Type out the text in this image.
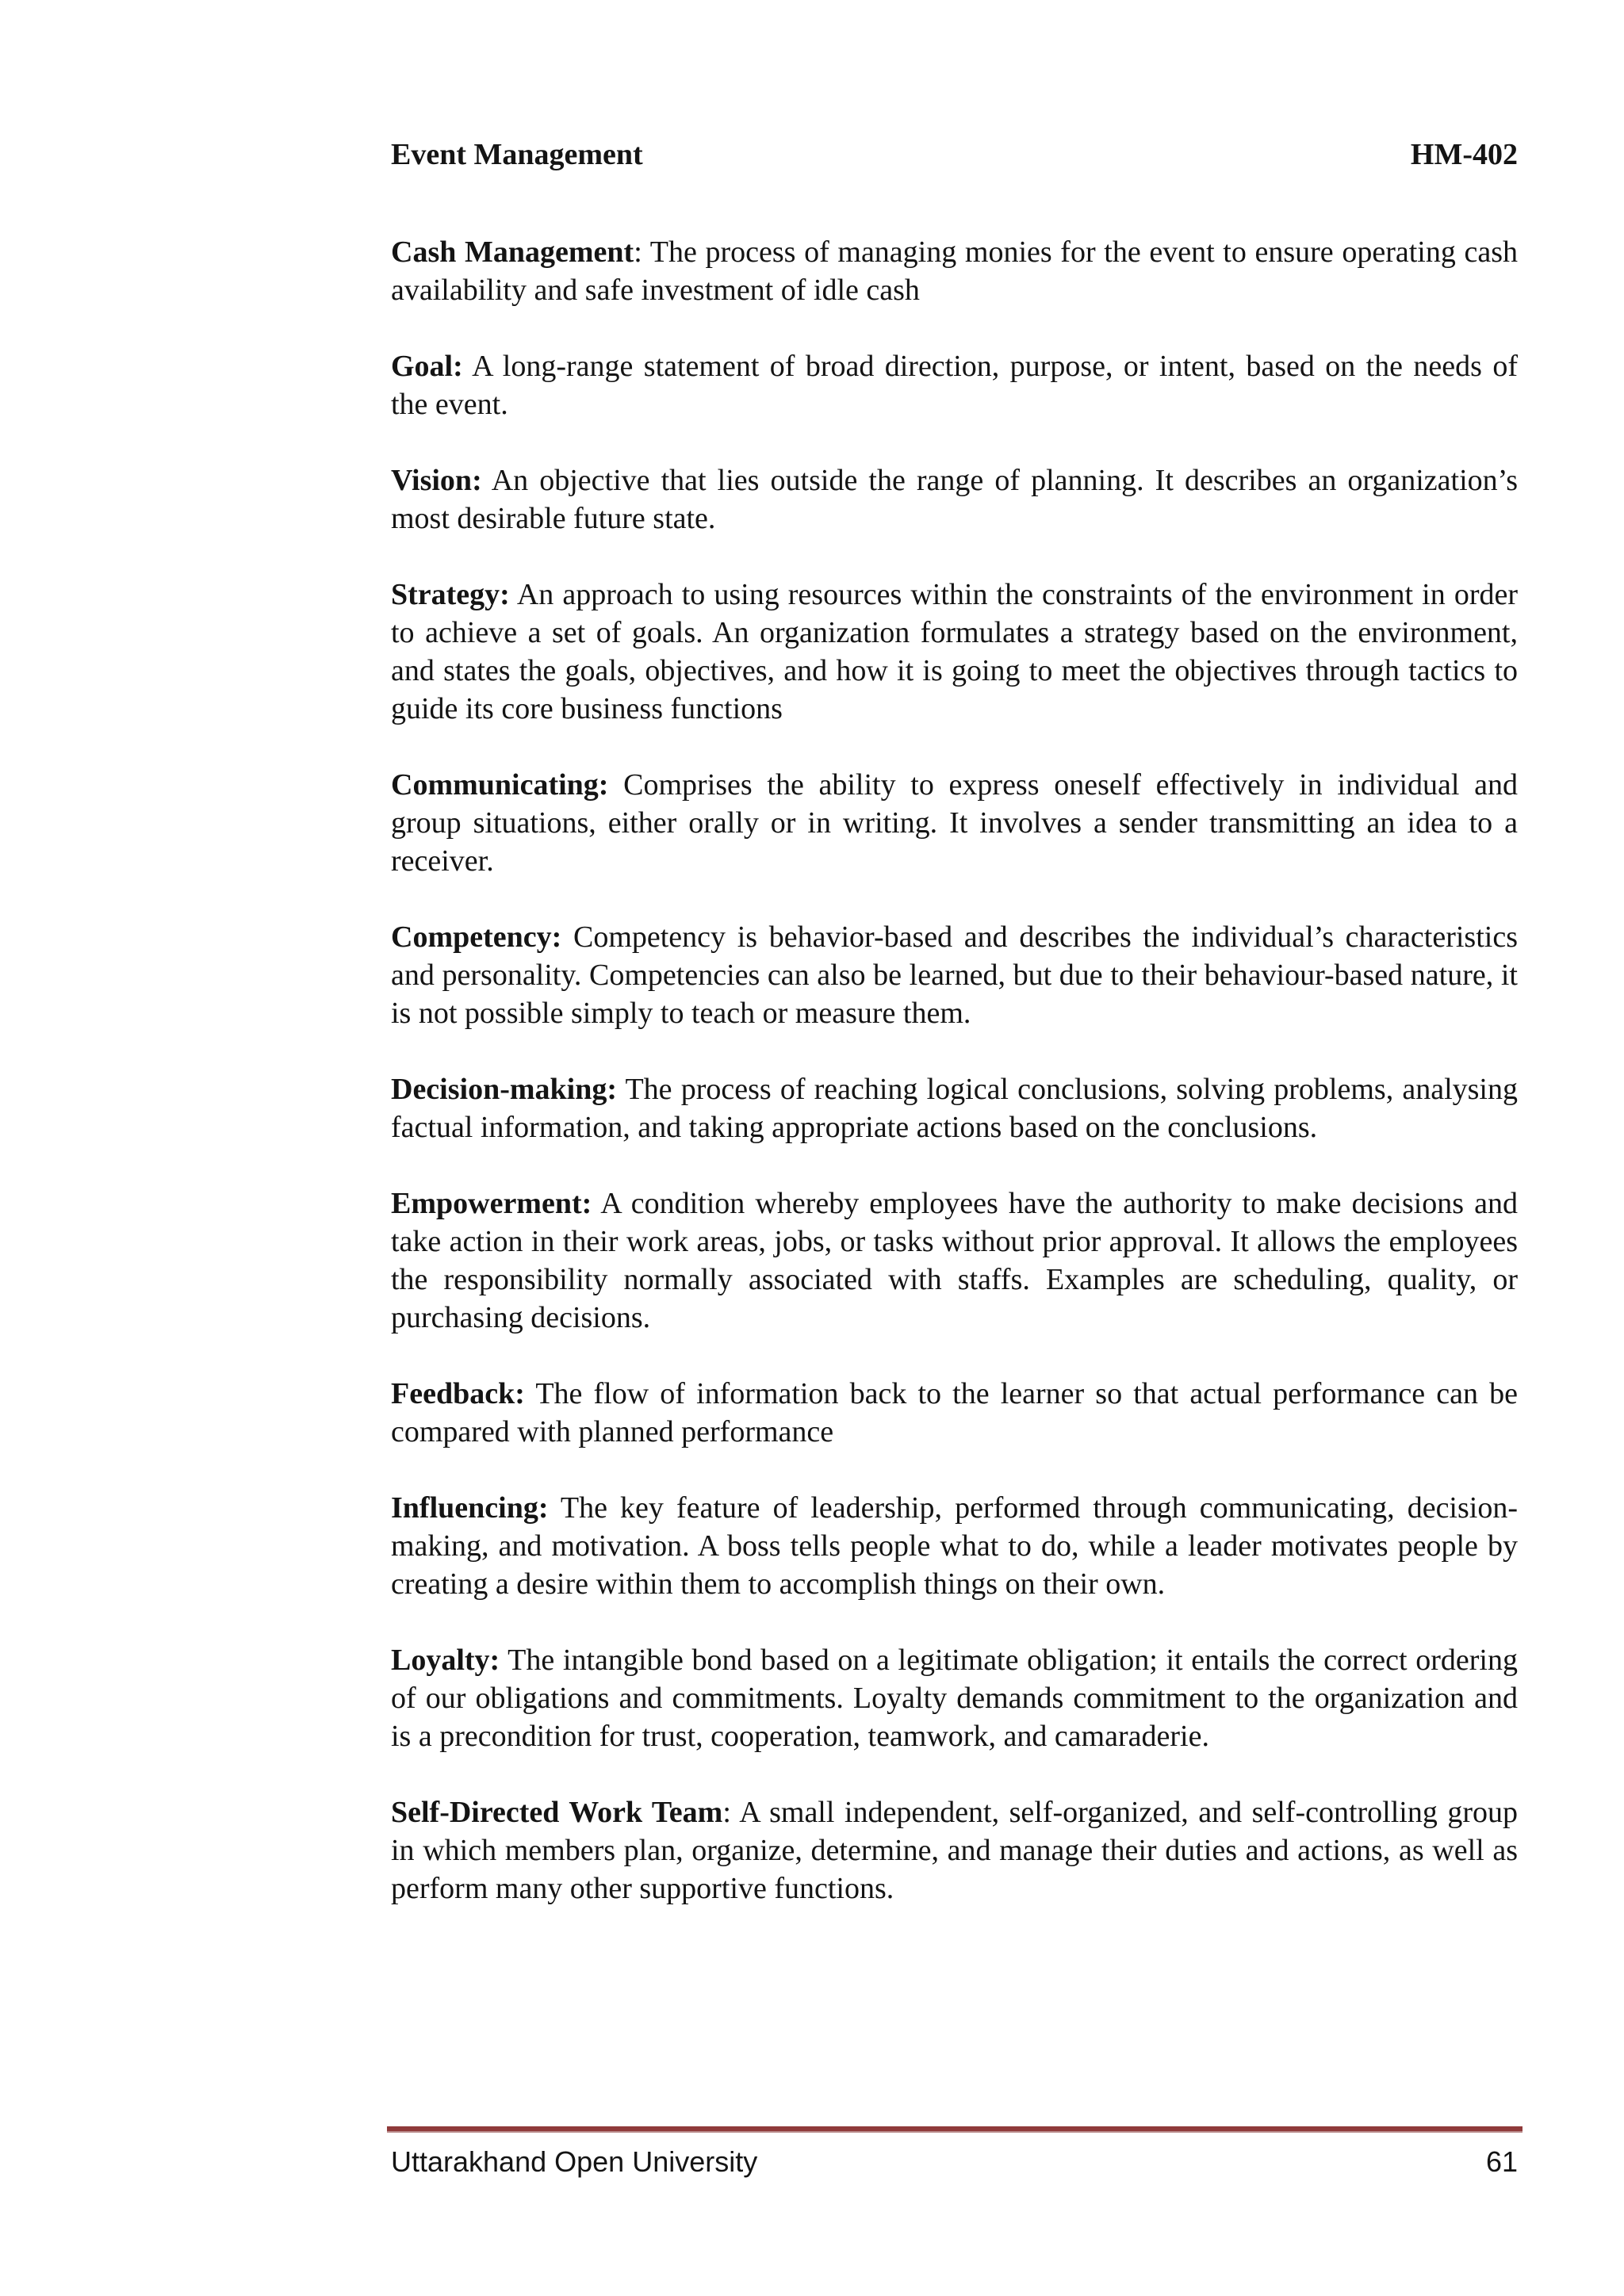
Event Management	HM-402

Cash Management: The process of managing monies for the event to ensure operating cash availability and safe investment of idle cash

Goal: A long-range statement of broad direction, purpose, or intent, based on the needs of the event.

Vision: An objective that lies outside the range of planning. It describes an organization’s most desirable future state.

Strategy: An approach to using resources within the constraints of the environment in order to achieve a set of goals. An organization formulates a strategy based on the environment, and states the goals, objectives, and how it is going to meet the objectives through tactics to guide its core business functions

Communicating: Comprises the ability to express oneself effectively in individual and group situations, either orally or in writing. It involves a sender transmitting an idea to a receiver.

Competency: Competency is behavior-based and describes the individual’s characteristics and personality. Competencies can also be learned, but due to their behaviour-based nature, it is not possible simply to teach or measure them.

Decision-making: The process of reaching logical conclusions, solving problems, analysing factual information, and taking appropriate actions based on the conclusions.

Empowerment: A condition whereby employees have the authority to make decisions and take action in their work areas, jobs, or tasks without prior approval. It allows the employees the responsibility normally associated with staffs. Examples are scheduling, quality, or purchasing decisions.

Feedback: The flow of information back to the learner so that actual performance can be compared with planned performance

Influencing: The key feature of leadership, performed through communicating, decision-making, and motivation. A boss tells people what to do, while a leader motivates people by creating a desire within them to accomplish things on their own.

Loyalty: The intangible bond based on a legitimate obligation; it entails the correct ordering of our obligations and commitments. Loyalty demands commitment to the organization and is a precondition for trust, cooperation, teamwork, and camaraderie.

Self-Directed Work Team: A small independent, self-organized, and self-controlling group in which members plan, organize, determine, and manage their duties and actions, as well as perform many other supportive functions.

Uttarakhand Open University	61
